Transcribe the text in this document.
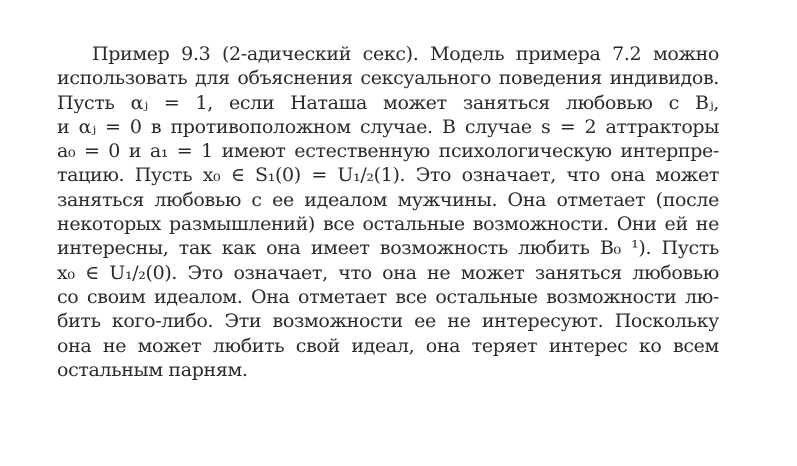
Пример 9.3 (2-адический секс). Модель примера 7.2 можно
использовать для объяснения сексуального поведения индивидов.
Пусть αⱼ = 1, если Наташа может заняться любовью с Bⱼ,
и αⱼ = 0 в противоположном случае. В случае s = 2 аттракторы
a₀ = 0 и a₁ = 1 имеют естественную психологическую интерпре-
тацию. Пусть x₀ ∈ S₁(0) = U₁/₂(1). Это означает, что она может
заняться любовью с ее идеалом мужчины. Она отметает (после
некоторых размышлений) все остальные возможности. Они ей не
интересны, так как она имеет возможность любить B₀ ¹). Пусть
x₀ ∈ U₁/₂(0). Это означает, что она не может заняться любовью
со своим идеалом. Она отметает все остальные возможности лю-
бить кого-либо. Эти возможности ее не интересуют. Поскольку
она не может любить свой идеал, она теряет интерес ко всем
остальным парням.
